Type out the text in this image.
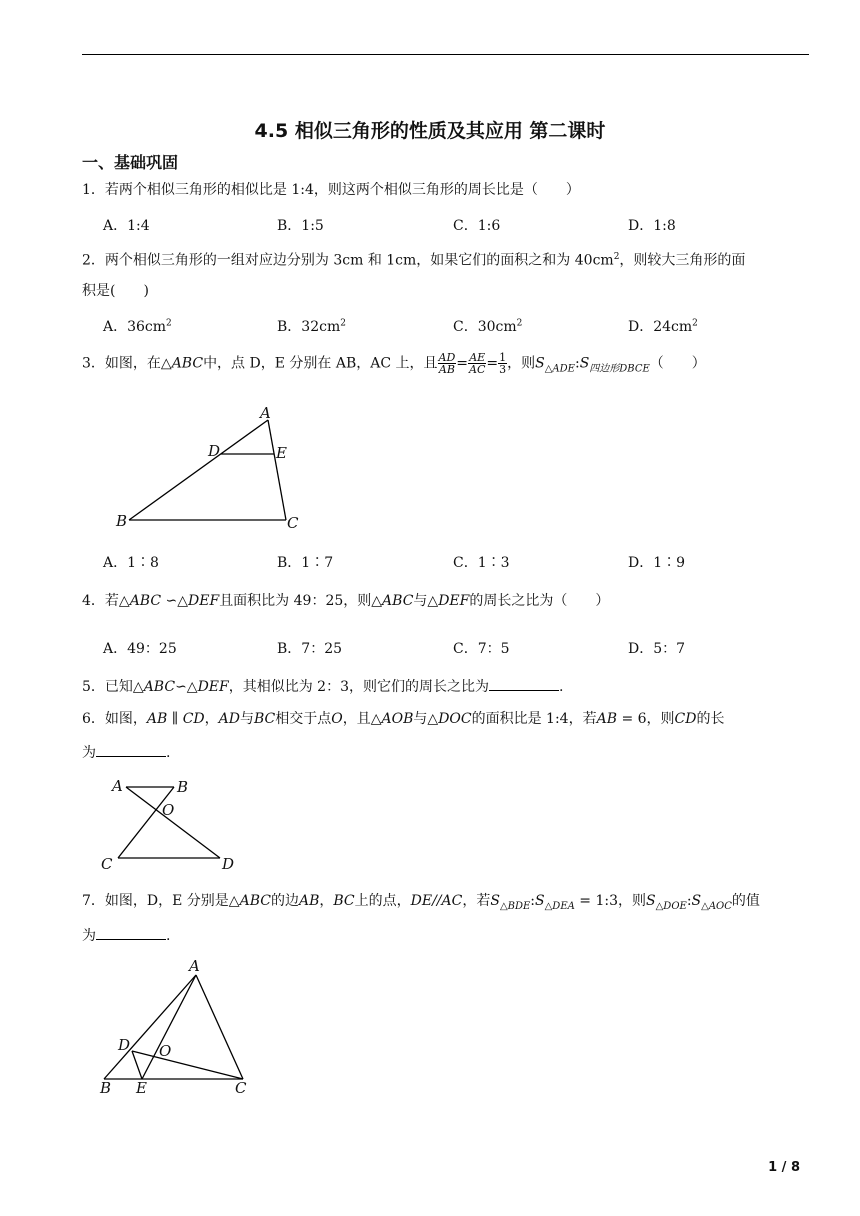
4.5 相似三角形的性质及其应用 第二课时
一、基础巩固
1．若两个相似三角形的相似比是 1:4，则这两个相似三角形的周长比是（　　）
A．1:4	B．1:5	C．1:6	D．1:8
2．两个相似三角形的一组对应边分别为 3cm 和 1cm，如果它们的面积之和为 $40cm^2$，则较大三角形的面
积是(　　)
A．$36cm^2$	B．$32cm^2$	C．$30cm^2$	D．$24cm^2$
3．如图，在△ABC中，点 D，E 分别在 AB，AC 上，且 $\frac{AD}{AB} = \frac{AE}{AC} = \frac{1}{3}$ ，则$S_{\triangle ADE}:S_{四边形DBCE}$（　　）
A
D	E
B	C
A．1∶8	B．1∶7	C．1∶3	D．1∶9
4．若△ABC ∽△DEF且面积比为 49：25，则△ABC与△DEF的周长之比为（　　）
A．49：25	B．7：25	C．7：5	D．5：7
5．已知△ABC∽△DEF，其相似比为 2：3，则它们的周长之比为	.
6．如图，AB ∥ CD，AD与BC相交于点O，且△AOB与△DOC的面积比是 1:4，若AB = 6，则CD的长
为	.
A	B
O
C	D
7．如图，D，E 分别是△ABC的边AB，BC上的点，DE//AC，若$S_{\triangle BDE}:S_{\triangle DEA}$ = 1:3，则$S_{\triangle DOE}:S_{\triangle AOC}$的值
为	.
A
D O
B E	C
1 / 8
